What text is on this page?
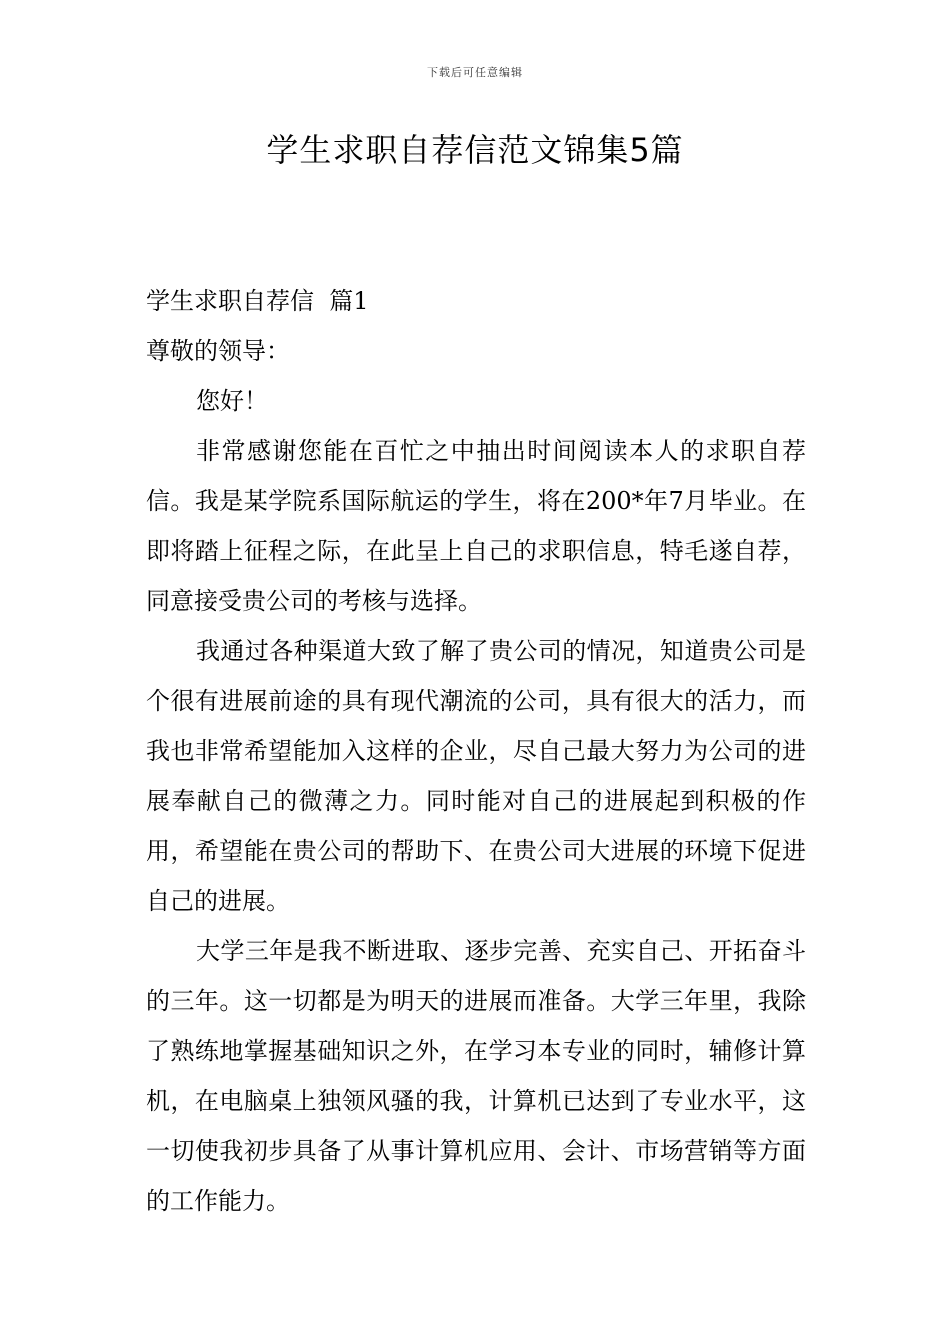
下载后可任意编辑
学生求职自荐信范文锦集5篇

学生求职自荐信  篇1

尊敬的领导：

您好！

非常感谢您能在百忙之中抽出时间阅读本人的求职自荐信。我是某学院系国际航运的学生，将在200*年7月毕业。在即将踏上征程之际，在此呈上自己的求职信息，特毛遂自荐，同意接受贵公司的考核与选择。

我通过各种渠道大致了解了贵公司的情况，知道贵公司是个很有进展前途的具有现代潮流的公司，具有很大的活力，而我也非常希望能加入这样的企业，尽自己最大努力为公司的进展奉献自己的微薄之力。同时能对自己的进展起到积极的作用，希望能在贵公司的帮助下、在贵公司大进展的环境下促进自己的进展。

大学三年是我不断进取、逐步完善、充实自己、开拓奋斗的三年。这一切都是为明天的进展而准备。大学三年里，我除了熟练地掌握基础知识之外，在学习本专业的同时，辅修计算机，在电脑桌上独领风骚的我，计算机已达到了专业水平，这一切使我初步具备了从事计算机应用、会计、市场营销等方面的工作能力。
